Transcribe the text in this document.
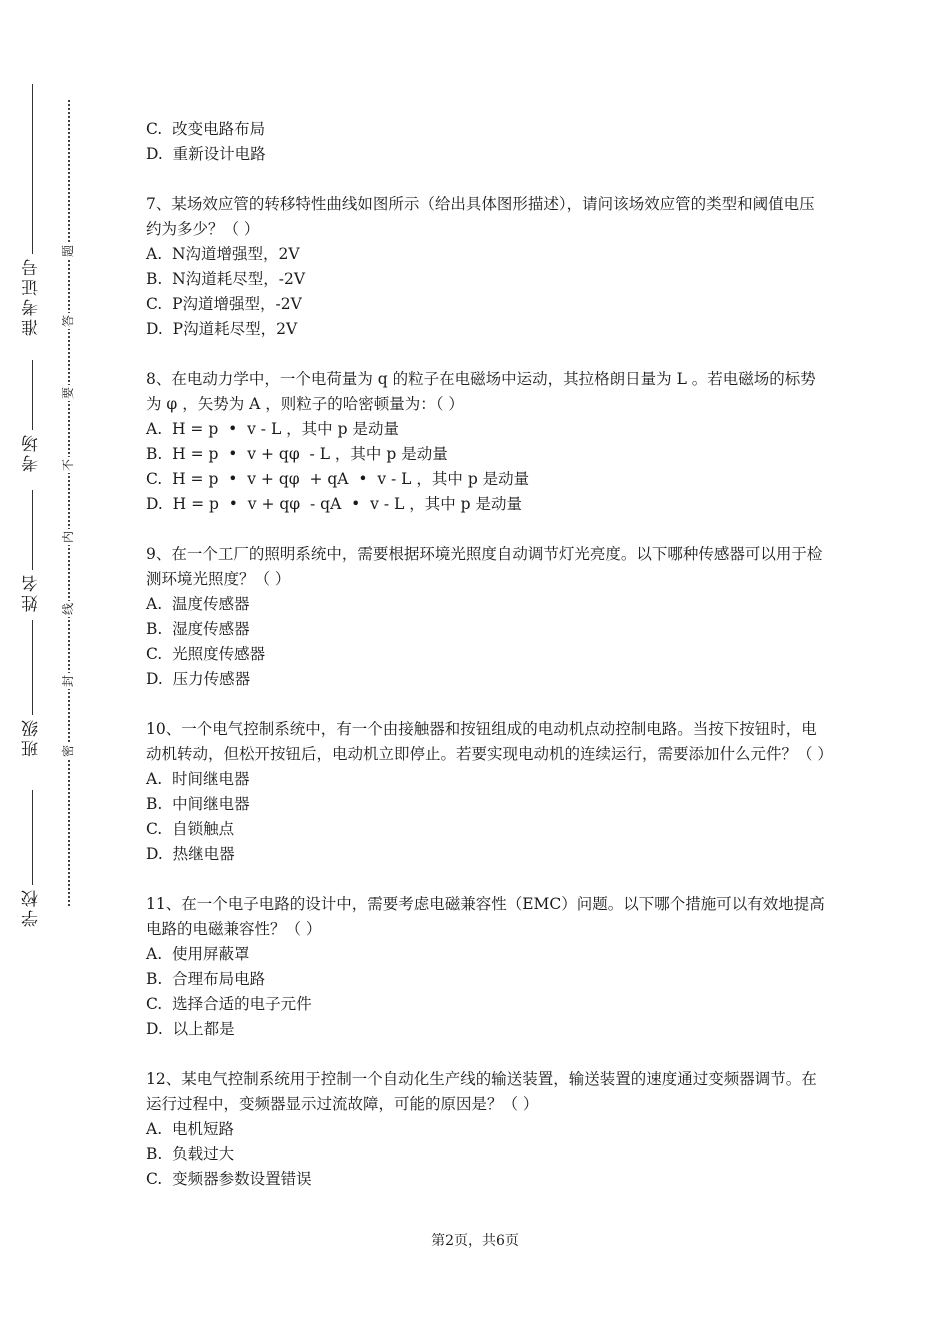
准考证号
考场
姓名
班级
学校
题
答
要
不
内
线
封
密

C.  改变电路布局

D.  重新设计电路

7、某场效应管的转移特性曲线如图所示（给出具体图形描述），请问该场效应管的类型和阈值电压约为多少？（ ）

A.  N沟道增强型，2V

B.  N沟道耗尽型，-2V

C.  P沟道增强型，-2V

D.  P沟道耗尽型，2V

8、在电动力学中，一个电荷量为 q 的粒子在电磁场中运动，其拉格朗日量为 L 。若电磁场的标势为 φ ，矢势为 A ，则粒子的哈密顿量为：（ ）

A.  H = p  •  v - L ，其中 p 是动量

B.  H = p  •  v + qφ  - L ，其中 p 是动量

C.  H = p  •  v + qφ  + qA  •  v - L ，其中 p 是动量

D.  H = p  •  v + qφ  - qA  •  v - L ，其中 p 是动量

9、在一个工厂的照明系统中，需要根据环境光照度自动调节灯光亮度。以下哪种传感器可以用于检测环境光照度？（ ）

A.  温度传感器

B.  湿度传感器

C.  光照度传感器

D.  压力传感器

10、一个电气控制系统中，有一个由接触器和按钮组成的电动机点动控制电路。当按下按钮时，电动机转动，但松开按钮后，电动机立即停止。若要实现电动机的连续运行，需要添加什么元件？（ ）

A.  时间继电器

B.  中间继电器

C.  自锁触点

D.  热继电器

11、在一个电子电路的设计中，需要考虑电磁兼容性（EMC）问题。以下哪个措施可以有效地提高电路的电磁兼容性？（ ）

A.  使用屏蔽罩

B.  合理布局电路

C.  选择合适的电子元件

D.  以上都是

12、某电气控制系统用于控制一个自动化生产线的输送装置，输送装置的速度通过变频器调节。在运行过程中，变频器显示过流故障，可能的原因是？（ ）

A.  电机短路

B.  负载过大

C.  变频器参数设置错误

第2页，共6页
